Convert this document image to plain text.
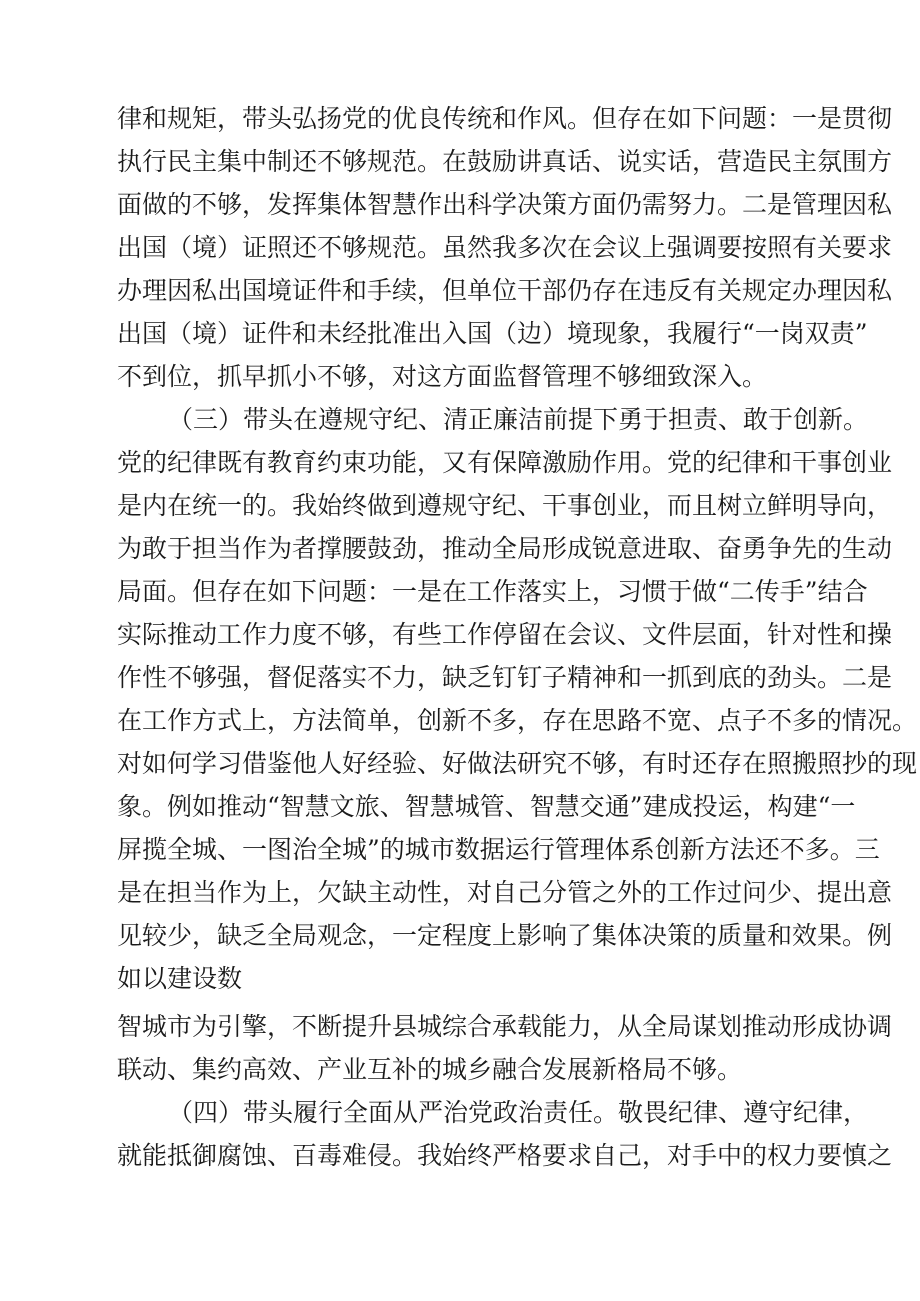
律和规矩，带头弘扬党的优良传统和作风。但存在如下问题：一是贯彻
执行民主集中制还不够规范。在鼓励讲真话、说实话，营造民主氛围方
面做的不够，发挥集体智慧作出科学决策方面仍需努力。二是管理因私
出国（境）证照还不够规范。虽然我多次在会议上强调要按照有关要求
办理因私出国境证件和手续，但单位干部仍存在违反有关规定办理因私
出国（境）证件和未经批准出入国（边）境现象，我履行“一岗双责”
不到位，抓早抓小不够，对这方面监督管理不够细致深入。
（三）带头在遵规守纪、清正廉洁前提下勇于担责、敢于创新。
党的纪律既有教育约束功能，又有保障激励作用。党的纪律和干事创业
是内在统一的。我始终做到遵规守纪、干事创业，而且树立鲜明导向，
为敢于担当作为者撑腰鼓劲，推动全局形成锐意进取、奋勇争先的生动
局面。但存在如下问题：一是在工作落实上，习惯于做“二传手”结合
实际推动工作力度不够，有些工作停留在会议、文件层面，针对性和操
作性不够强，督促落实不力，缺乏钉钉子精神和一抓到底的劲头。二是
在工作方式上，方法简单，创新不多，存在思路不宽、点子不多的情况。
对如何学习借鉴他人好经验、好做法研究不够，有时还存在照搬照抄的现
象。例如推动“智慧文旅、智慧城管、智慧交通”建成投运，构建“一
屏揽全城、一图治全城”的城市数据运行管理体系创新方法还不多。三
是在担当作为上，欠缺主动性，对自己分管之外的工作过问少、提出意
见较少，缺乏全局观念，一定程度上影响了集体决策的质量和效果。例
如以建设数
智城市为引擎，不断提升县城综合承载能力，从全局谋划推动形成协调
联动、集约高效、产业互补的城乡融合发展新格局不够。
（四）带头履行全面从严治党政治责任。敬畏纪律、遵守纪律，
就能抵御腐蚀、百毒难侵。我始终严格要求自己，对手中的权力要慎之
